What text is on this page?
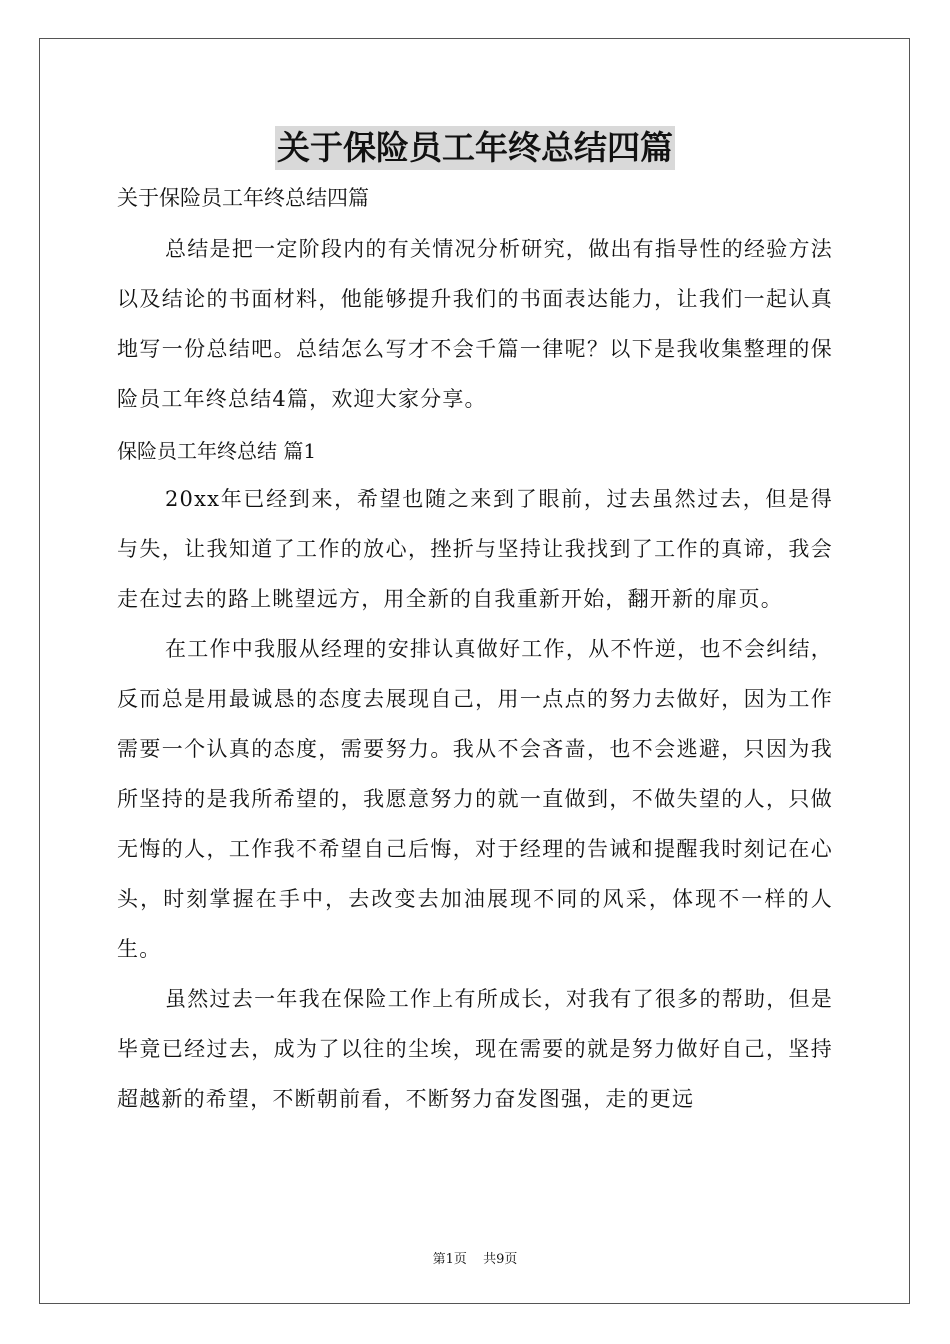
关于保险员工年终总结四篇

关于保险员工年终总结四篇

总结是把一定阶段内的有关情况分析研究，做出有指导性的经验方法以及结论的书面材料，他能够提升我们的书面表达能力，让我们一起认真地写一份总结吧。总结怎么写才不会千篇一律呢？以下是我收集整理的保险员工年终总结4篇，欢迎大家分享。

保险员工年终总结 篇1

20xx年已经到来，希望也随之来到了眼前，过去虽然过去，但是得与失，让我知道了工作的放心，挫折与坚持让我找到了工作的真谛，我会走在过去的路上眺望远方，用全新的自我重新开始，翻开新的扉页。

在工作中我服从经理的安排认真做好工作，从不忤逆，也不会纠结，反而总是用最诚恳的态度去展现自己，用一点点的努力去做好，因为工作需要一个认真的态度，需要努力。我从不会吝啬，也不会逃避，只因为我所坚持的是我所希望的，我愿意努力的就一直做到，不做失望的人，只做无悔的人，工作我不希望自己后悔，对于经理的告诫和提醒我时刻记在心头，时刻掌握在手中，去改变去加油展现不同的风采，体现不一样的人生。

虽然过去一年我在保险工作上有所成长，对我有了很多的帮助，但是毕竟已经过去，成为了以往的尘埃，现在需要的就是努力做好自己，坚持超越新的希望，不断朝前看，不断努力奋发图强，走的更远

第1页 共9页
